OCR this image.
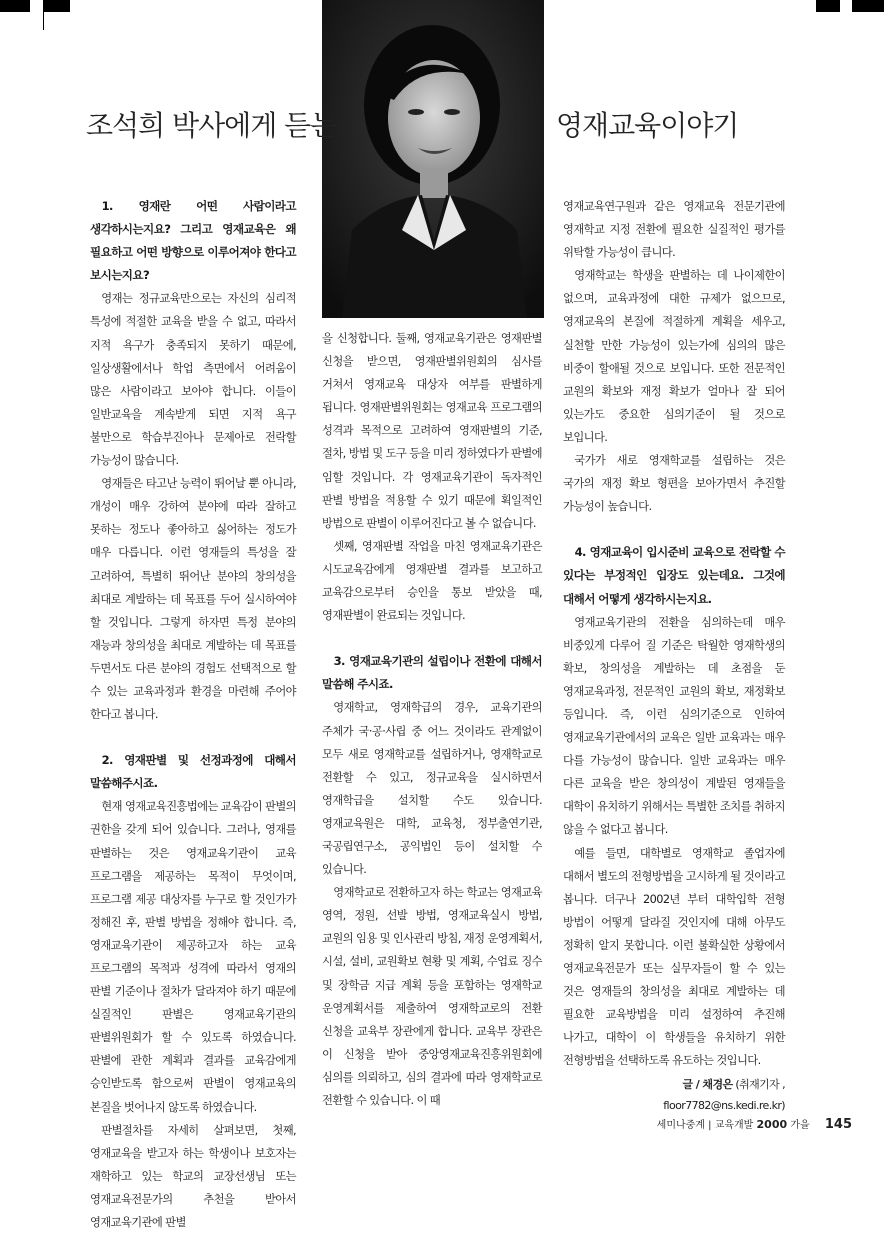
조석희 박사에게 듣는	영재교육이야기
1. 영재란 어떤 사람이라고 생각하시는지요? 그리고 영재교육은 왜 필요하고 어떤 방향으로 이루어져야 한다고 보시는지요?

영재는 정규교육만으로는 자신의 심리적 특성에 적절한 교육을 받을 수 없고, 따라서 지적 욕구가 충족되지 못하기 때문에, 일상생활에서나 학업 측면에서 어려움이 많은 사람이라고 보아야 합니다. 이들이 일반교육을 계속받게 되면 지적 욕구 불만으로 학습부진아나 문제아로 전락할 가능성이 많습니다.

영재들은 타고난 능력이 뛰어날 뿐 아니라, 개성이 매우 강하여 분야에 따라 잘하고 못하는 정도나 좋아하고 싫어하는 정도가 매우 다릅니다. 이런 영재들의 특성을 잘 고려하여, 특별히 뛰어난 분야의 창의성을 최대로 계발하는 데 목표를 두어 실시하여야 할 것입니다. 그렇게 하자면 특정 분야의 재능과 창의성을 최대로 계발하는 데 목표를 두면서도 다른 분야의 경험도 선택적으로 할 수 있는 교육과정과 환경을 마련해 주어야 한다고 봅니다.

2. 영재판별 및 선정과정에 대해서 말씀해주시죠.

현재 영재교육진흥법에는 교육감이 판별의 권한을 갖게 되어 있습니다. 그러나, 영재를 판별하는 것은 영재교육기관이 교육 프로그램을 제공하는 목적이 무엇이며, 프로그램 제공 대상자를 누구로 할 것인가가 정해진 후, 판별 방법을 정해야 합니다. 즉, 영재교육기관이 제공하고자 하는 교육 프로그램의 목적과 성격에 따라서 영재의 판별 기준이나 절차가 달라져야 하기 때문에 실질적인 판별은 영재교육기관의 판별위원회가 할 수 있도록 하였습니다. 판별에 관한 계획과 결과를 교육감에게 승인받도록 함으로써 판별이 영재교육의 본질을 벗어나지 않도록 하였습니다.

판별절차를 자세히 살펴보면, 첫째, 영재교육을 받고자 하는 학생이나 보호자는 재학하고 있는 학교의 교장선생님 또는 영재교육전문가의 추천을 받아서 영재교육기관에 판별

을 신청합니다. 둘째, 영재교육기관은 영재판별 신청을 받으면, 영재판별위원회의 심사를 거쳐서 영재교육 대상자 여부를 판별하게 됩니다. 영재판별위원회는 영재교육 프로그램의 성격과 목적으로 고려하여 영재판별의 기준, 절차, 방법 및 도구 등을 미리 정하였다가 판별에 임할 것입니다. 각 영재교육기관이 독자적인 판별 방법을 적용할 수 있기 때문에 획일적인 방법으로 판별이 이루어진다고 볼 수 없습니다.

셋째, 영재판별 작업을 마친 영재교육기관은 시도교육감에게 영재판별 결과를 보고하고 교육감으로부터 승인을 통보 받았을 때, 영재판별이 완료되는 것입니다.

3. 영재교육기관의 설립이나 전환에 대해서 말씀해 주시죠.

영재학교, 영재학급의 경우, 교육기관의 주체가 국·공·사립 중 어느 것이라도 관계없이 모두 새로 영재학교를 설립하거나, 영재학교로 전환할 수 있고, 정규교육을 실시하면서 영재학급을 설치할 수도 있습니다. 영재교육원은 대학, 교육청, 정부출연기관, 국공립연구소, 공익법인 등이 설치할 수 있습니다.

영재학교로 전환하고자 하는 학교는 영재교육 영역, 정원, 선발 방법, 영재교육실시 방법, 교원의 임용 및 인사관리 방침, 재정 운영계획서, 시설, 설비, 교원확보 현황 및 계획, 수업료 징수 및 장학금 지급 계획 등을 포함하는 영재학교 운영계획서를 제출하여 영재학교로의 전환 신청을 교육부 장관에게 합니다. 교육부 장관은 이 신청을 받아 중앙영재교육진흥위원회에 심의를 의뢰하고, 심의 결과에 따라 영재학교로 전환할 수 있습니다. 이 때

영재교육연구원과 같은 영재교육 전문기관에 영재학교 지정 전환에 필요한 실질적인 평가를 위탁할 가능성이 큽니다.

영재학교는 학생을 판별하는 데 나이제한이 없으며, 교육과정에 대한 규제가 없으므로, 영재교육의 본질에 적절하게 계획을 세우고, 실천할 만한 가능성이 있는가에 심의의 많은 비중이 할애될 것으로 보입니다. 또한 전문적인 교원의 확보와 재정 확보가 얼마나 잘 되어 있는가도 중요한 심의기준이 될 것으로 보입니다.

국가가 새로 영재학교를 설립하는 것은 국가의 재정 확보 형편을 보아가면서 추진할 가능성이 높습니다.

4. 영재교육이 입시준비 교육으로 전락할 수 있다는 부정적인 입장도 있는데요. 그것에 대해서 어떻게 생각하시는지요.

영재교육기관의 전환을 심의하는데 매우 비중있게 다루어 질 기준은 탁월한 영재학생의 확보, 창의성을 계발하는 데 초점을 둔 영재교육과정, 전문적인 교원의 확보, 재정확보 등입니다. 즉, 이런 심의기준으로 인하여 영재교육기관에서의 교육은 일반 교육과는 매우 다를 가능성이 많습니다. 일반 교육과는 매우 다른 교육을 받은 창의성이 계발된 영재들을 대학이 유치하기 위해서는 특별한 조치를 취하지 않을 수 없다고 봅니다.

예를 들면, 대학별로 영재학교 졸업자에 대해서 별도의 전형방법을 고시하게 될 것이라고 봅니다. 더구나 2002년 부터 대학입학 전형 방법이 어떻게 달라질 것인지에 대해 아무도 정확히 알지 못합니다. 이런 불확실한 상황에서 영재교육전문가 또는 실무자들이 할 수 있는 것은 영재들의 창의성을 최대로 계발하는 데 필요한 교육방법을 미리 설정하여 추진해 나가고, 대학이 이 학생들을 유치하기 위한 전형방법을 선택하도록 유도하는 것입니다.

글 / 채경은 (취재기자 ,
floor7782@ns.kedi.re.kr)
세미나중계 | 교육개발 2000 가을 145
